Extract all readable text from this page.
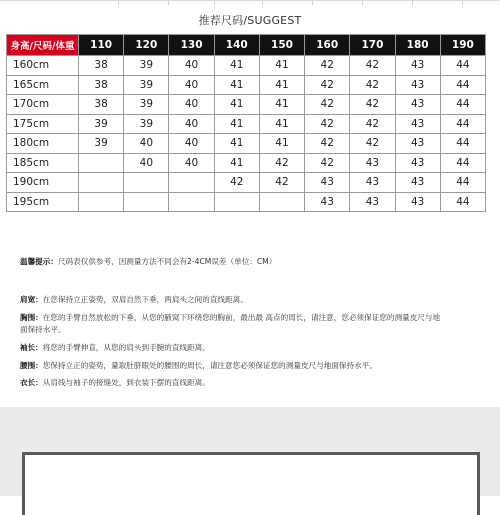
推荐尺码/SUGGEST
身高/尺码/体重	110	120	130	140	150	160	170	180	190
160cm	38	39	40	41	41	42	42	43	44
165cm	38	39	40	41	41	42	42	43	44
170cm	38	39	40	41	41	42	42	43	44
175cm	39	39	40	41	41	42	42	43	44
180cm	39	40	40	41	41	42	42	43	44
185cm		40	40	41	42	42	43	43	44
190cm				42	42	43	43	43	44
195cm						43	43	43	44
温馨提示：尺码表仅供参考，因测量方法不同会有2-4CM误差（单位：CM）
肩宽：在您保持立正姿势，双肩自然下垂，两肩头之间的直线距离。
胸围：在您的手臂自然放松的下垂，从您的腋窝下环绕您的胸前，最出最 高点的周长，请注意，您必须保证您的测量皮尺与地
面保持水平。
袖长：将您的手臂伸直，从您的肩头到手腕的直线距离。
腰围：您保持立正的姿势，量取肚脐眼处的腰围的周长，请注意您必须保证您的测量皮尺与地面保持水平。
衣长：从肩线与袖子的接缝处，到衣装下摆的直线距离。
